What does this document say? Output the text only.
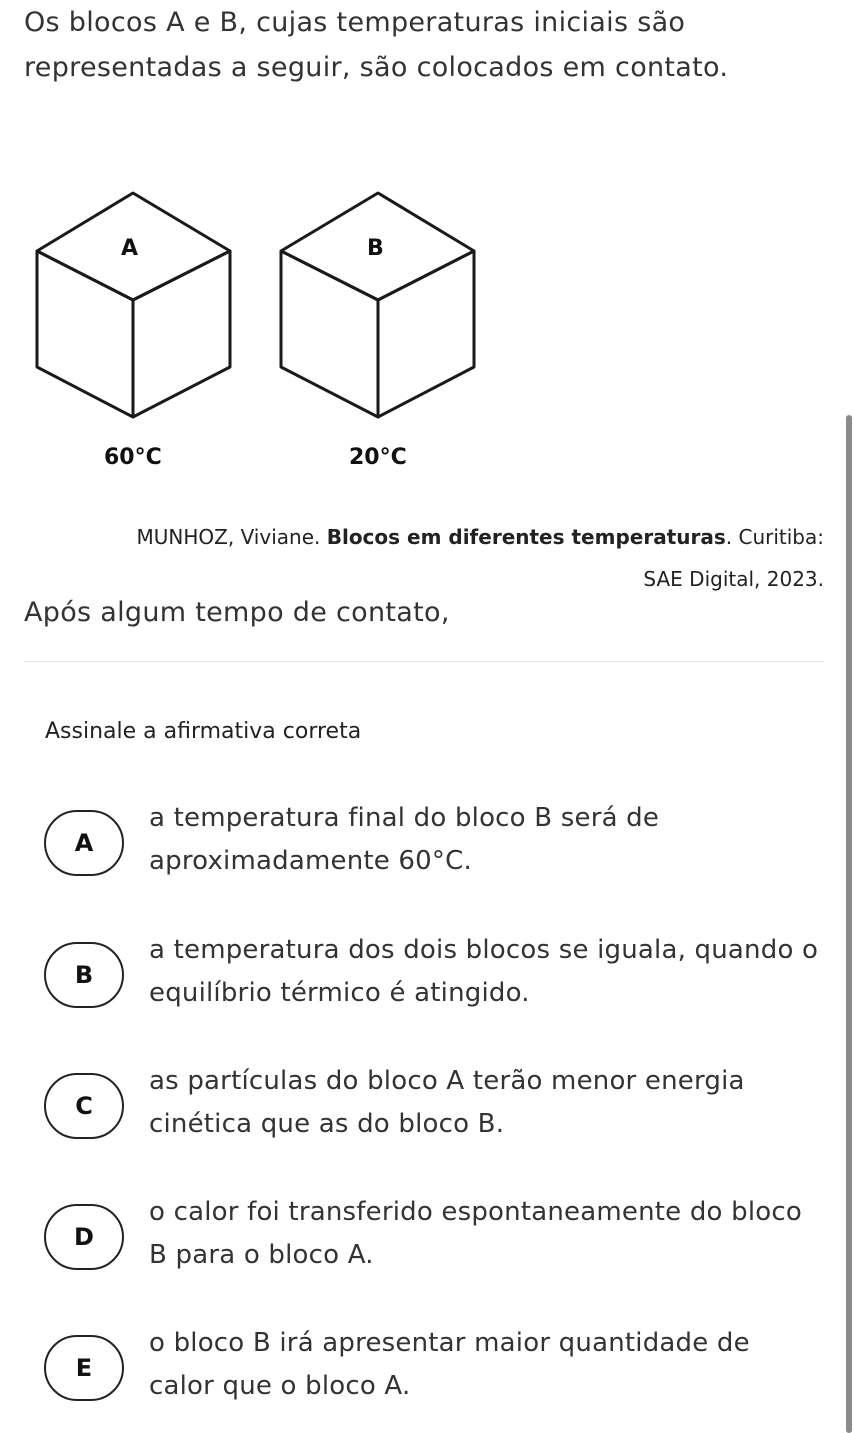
Os blocos A e B, cujas temperaturas iniciais são representadas a seguir, são colocados em contato.
A	B
60°C	20°C
MUNHOZ, Viviane. Blocos em diferentes temperaturas. Curitiba:
SAE Digital, 2023.
Após algum tempo de contato,
Assinale a afirmativa correta
A
a temperatura final do bloco B será de aproximadamente 60°C.
B
a temperatura dos dois blocos se iguala, quando o equilíbrio térmico é atingido.
C
as partículas do bloco A terão menor energia cinética que as do bloco B.
D
o calor foi transferido espontaneamente do bloco B para o bloco A.
E
o bloco B irá apresentar maior quantidade de calor que o bloco A.
